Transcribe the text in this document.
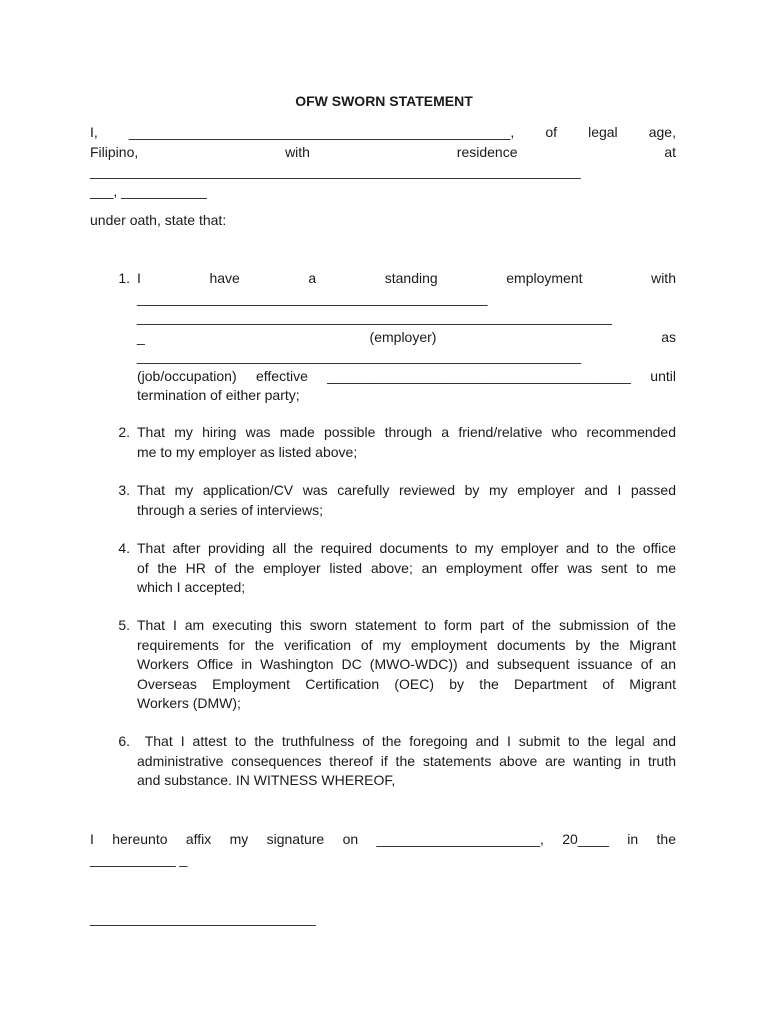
OFW SWORN STATEMENT
I, _________________________________________________, of legal age,
Filipino, with residence at
_______________________________________________________________
___, ___________
under oath, state that:
1. I have a standing employment with
_____________________________________________
_____________________________________________________________
_ (employer) as
_________________________________________________________
(job/occupation) effective _______________________________________ until
termination of either party;
2. That my hiring was made possible through a friend/relative who recommended
me to my employer as listed above;
3. That my application/CV was carefully reviewed by my employer and I passed
through a series of interviews;
4. That after providing all the required documents to my employer and to the office
of the HR of the employer listed above; an employment offer was sent to me
which I accepted;
5. That I am executing this sworn statement to form part of the submission of the
requirements for the verification of my employment documents by the Migrant
Workers Office in Washington DC (MWO-WDC)) and subsequent issuance of an
Overseas Employment Certification (OEC) by the Department of Migrant
Workers (DMW);
6. That I attest to the truthfulness of the foregoing and I submit to the legal and
administrative consequences thereof if the statements above are wanting in truth
and substance. IN WITNESS WHEREOF,
I hereunto affix my signature on _____________________, 20____ in the
___________ _
_____________________________
